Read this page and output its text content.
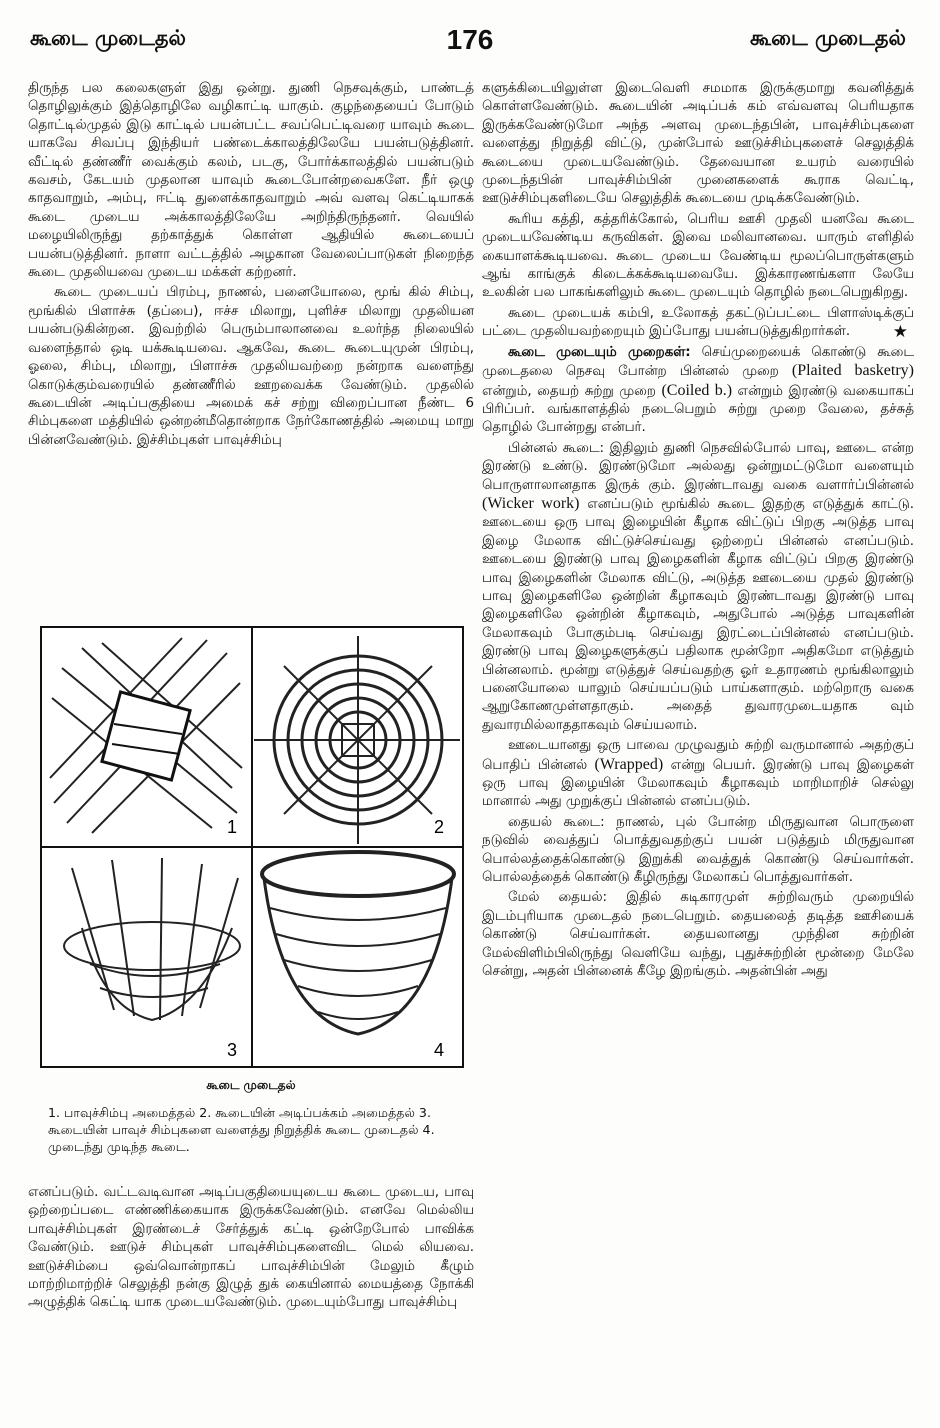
கூடை முடைதல்	176	கூடை முடைதல்

திருந்த பல கலைகளுள் இது ஒன்று. துணி நெசவுக்கும், பாண்டத் தொழிலுக்கும் இத்தொழிலே வழிகாட்டி யாகும். குழந்தையைப் போடும் தொட்டில்முதல் இடு காட்டில் பயன்பட்ட சவப்பெட்டிவரை யாவும் கூடை யாகவே சிவப்பு இந்தியர் பண்டைக்காலத்திலேயே பயன்படுத்தினர். வீட்டில் தண்ணீர் வைக்கும் கலம், படகு, போர்க்காலத்தில் பயன்படும் கவசம், கேடயம் முதலான யாவும் கூடைபோன்றவைகளே. நீர் ஒழு காதவாறும், அம்பு, ஈட்டி துளைக்காதவாறும் அவ் வளவு கெட்டியாகக் கூடை முடைய அக்காலத்திலேயே அறிந்திருந்தனர். வெயில் மழையிலிருந்து தற்காத்துக் கொள்ள ஆதியில் கூடையைப் பயன்படுத்தினர். நாளா வட்டத்தில் அழகான வேலைப்பாடுகள் நிறைந்த கூடை முதலியவை முடைய மக்கள் கற்றனர்.

கூடை முடையப் பிரம்பு, நாணல், பனையோலை, மூங் கில் சிம்பு, மூங்கில் பிளாச்சு (தப்பை), ஈச்ச மிலாறு, புளிச்ச மிலாறு முதலியன பயன்படுகின்றன. இவற்றில் பெரும்பாலானவை உலர்ந்த நிலையில் வளைந்தால் ஒடி யக்கூடியவை. ஆகவே, கூடை கூடையுமுன் பிரம்பு, ஓலை, சிம்பு, மிலாறு, பிளாச்சு முதலியவற்றை நன்றாக வளைந்து கொடுக்கும்வரையில் தண்ணீரில் ஊறவைக்க வேண்டும். முதலில் கூடையின் அடிப்பகுதியை அமைக் கச் சற்று விறைப்பான நீண்ட 6 சிம்புகளை மத்தியில் ஒன்றன்மீதொன்றாக நேர்கோணத்தில் அமையு மாறு பின்னவேண்டும். இச்சிம்புகள் பாவுச்சிம்பு

1	2
3	4
கூடை முடைதல்
1. பாவுச்சிம்பு அமைத்தல் 2. கூடையின் அடிப்பக்கம் அமைத்தல் 3. கூடையின் பாவுச் சிம்புகளை வளைத்து நிறுத்திக் கூடை முடைதல் 4. முடைந்து முடிந்த கூடை.

எனப்படும். வட்டவடிவான அடிப்பகுதியையுடைய கூடை முடைய, பாவு ஒற்றைப்படை எண்ணிக்கையாக இருக்கவேண்டும். எனவே மெல்லிய பாவுச்சிம்புகள் இரண்டைச் சேர்த்துக் கட்டி ஒன்றேபோல் பாவிக்க வேண்டும். ஊடுச் சிம்புகள் பாவுச்சிம்புகளைவிட மெல் லியவை. ஊடுச்சிம்பை ஒவ்வொன்றாகப் பாவுச்சிம்பின் மேலும் கீழும் மாற்றிமாற்றிச் செலுத்தி நன்கு இழுத் துக் கையினால் மையத்தை நோக்கி அழுத்திக் கெட்டி யாக முடையவேண்டும். முடையும்போது பாவுச்சிம்பு

களுக்கிடையிலுள்ள இடைவெளி சமமாக இருக்குமாறு கவனித்துக் கொள்ளவேண்டும். கூடையின் அடிப்பக் கம் எவ்வளவு பெரியதாக இருக்கவேண்டுமோ அந்த அளவு முடைந்தபின், பாவுச்சிம்புகளை வளைத்து நிறுத்தி விட்டு, முன்போல் ஊடுச்சிம்புகளைச் செலுத்திக் கூடையை முடையவேண்டும். தேவையான உயரம் வரையில் முடைந்தபின் பாவுச்சிம்பின் முனைகளைக் கூராக வெட்டி, ஊடுச்சிம்புகளிடையே செலுத்திக் கூடையை முடிக்கவேண்டும்.

கூரிய கத்தி, கத்தரிக்கோல், பெரிய ஊசி முதலி யனவே கூடை முடையவேண்டிய கருவிகள். இவை மலிவானவை. யாரும் எளிதில் கையாளக்கூடியவை. கூடை முடைய வேண்டிய மூலப்பொருள்களும் ஆங் காங்குக் கிடைக்கக்கூடியவையே. இக்காரணங்களா லேயே உலகின் பல பாகங்களிலும் கூடை முடையும் தொழில் நடைபெறுகிறது.

கூடை முடையக் கம்பி, உலோகத் தகட்டுப்பட்டை பிளாஸ்டிக்குப் பட்டை முதலியவற்றையும் இப்போது பயன்படுத்துகிறார்கள்.	★

கூடை முடையும் முறைகள்: செய்முறையைக் கொண்டு கூடை முடைதலை நெசவு போன்ற பின்னல் முறை (Plaited basketry) என்றும், தையற் சுற்று முறை (Coiled b.) என்றும் இரண்டு வகையாகப் பிரிப்பர். வங்காளத்தில் நடைபெறும் சுற்று முறை வேலை, தச்சுத் தொழில் போன்றது என்பர்.

பின்னல் கூடை: இதிலும் துணி நெசவில்போல் பாவு, ஊடை என்ற இரண்டு உண்டு. இரண்டுமோ அல்லது ஒன்றுமட்டுமோ வளையும் பொருளாலானதாக இருக் கும். இரண்டாவது வகை வளார்ப்பின்னல் (Wicker work) எனப்படும் மூங்கில் கூடை இதற்கு எடுத்துக் காட்டு. ஊடையை ஒரு பாவு இழையின் கீழாக விட்டுப் பிறகு அடுத்த பாவு இழை மேலாக விட்டுச்செய்வது ஒற்றைப் பின்னல் எனப்படும். ஊடையை இரண்டு பாவு இழைகளின் கீழாக விட்டுப் பிறகு இரண்டு பாவு இழைகளின் மேலாக விட்டு, அடுத்த ஊடையை முதல் இரண்டு பாவு இழைகளிலே ஒன்றின் கீழாகவும் இரண்டாவது இரண்டு பாவு இழைகளிலே ஒன்றின் கீழாகவும், அதுபோல் அடுத்த பாவுகளின் மேலாகவும் போகும்படி செய்வது இரட்டைப்பின்னல் எனப்படும். இரண்டு பாவு இழைகளுக்குப் பதிலாக மூன்றோ அதிகமோ எடுத்தும் பின்னலாம். மூன்று எடுத்துச் செய்வதற்கு ஓர் உதாரணம் மூங்கிலாலும் பனையோலை யாலும் செய்யப்படும் பாய்களாகும். மற்றொரு வகை ஆறுகோணமுள்ளதாகும். அதைத் துவாரமுடையதாக வும் துவாரமில்லாததாகவும் செய்யலாம்.

ஊடையானது ஒரு பாவை முழுவதும் சுற்றி வருமானால் அதற்குப் பொதிப் பின்னல் (Wrapped) என்று பெயர். இரண்டு பாவு இழைகள் ஒரு பாவு இழையின் மேலாகவும் கீழாகவும் மாறிமாறிச் செல்லு மானால் அது முறுக்குப் பின்னல் எனப்படும்.

தையல் கூடை: நாணல், புல் போன்ற மிருதுவான பொருளை நடுவில் வைத்துப் பொத்துவதற்குப் பயன் படுத்தும் மிருதுவான பொல்லத்தைக்கொண்டு இறுக்கி வைத்துக் கொண்டு செய்வார்கள். பொல்லத்தைக் கொண்டு கீழிருந்து மேலாகப் பொத்துவார்கள்.

மேல் தையல்: இதில் கடிகாரமுள் சுற்றிவரும் முறையில் இடம்புரியாக முடைதல் நடைபெறும். தையலைத் தடித்த ஊசியைக் கொண்டு செய்வார்கள். தையலானது முந்தின சுற்றின் மேல்விளிம்பிலிருந்து வெளியே வந்து, புதுச்சுற்றின் மூன்றை மேலே சென்று, அதன் பின்னைக் கீழே இறங்கும். அதன்பின் அது
